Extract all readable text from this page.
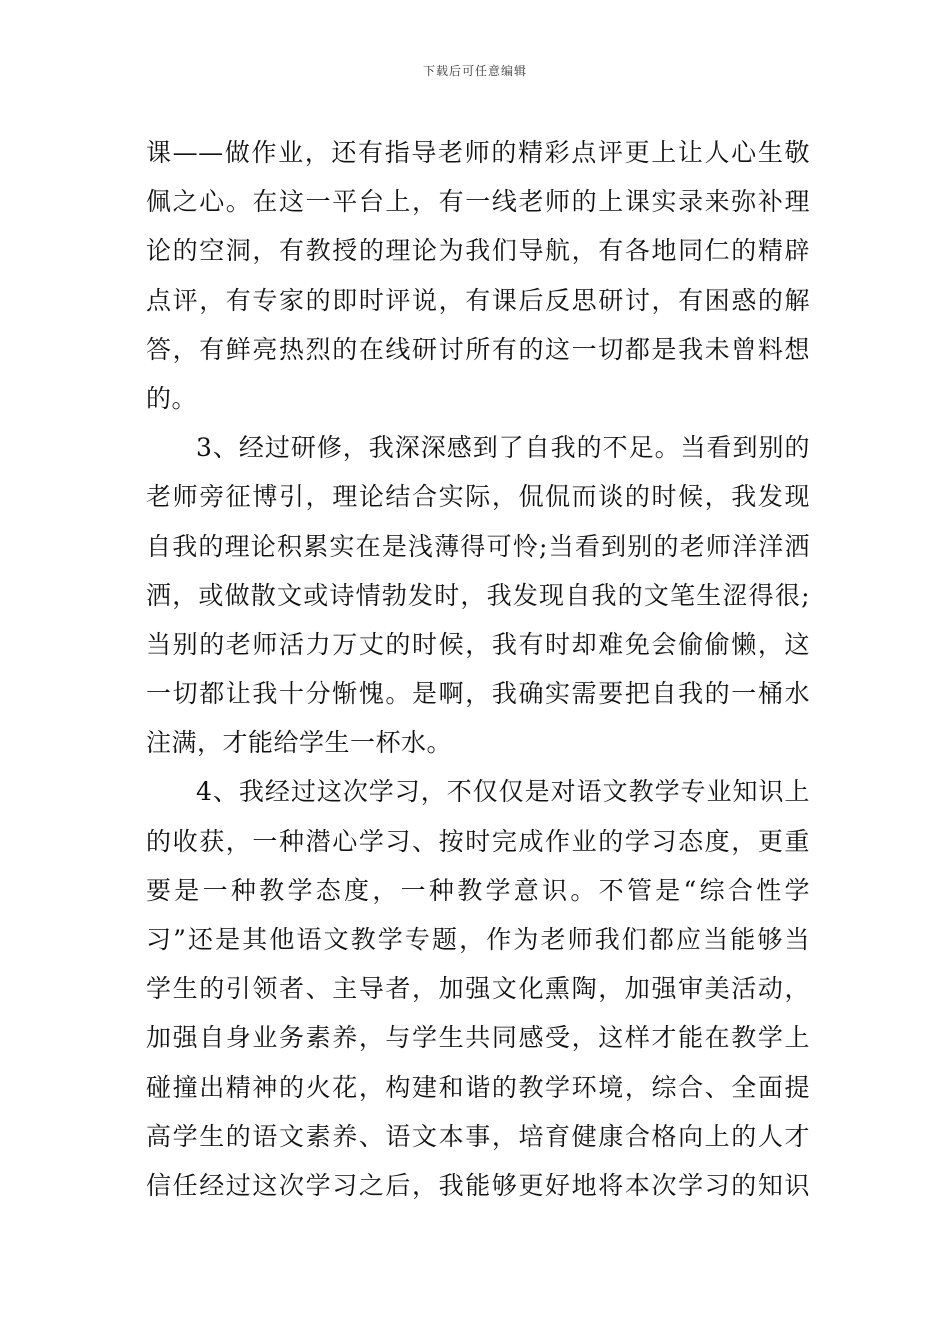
下载后可任意编辑
课——做作业，还有指导老师的精彩点评更上让人心生敬
佩之心。在这一平台上，有一线老师的上课实录来弥补理
论的空洞，有教授的理论为我们导航，有各地同仁的精辟
点评，有专家的即时评说，有课后反思研讨，有困惑的解
答，有鲜亮热烈的在线研讨所有的这一切都是我未曾料想
的。
3、经过研修，我深深感到了自我的不足。当看到别的
老师旁征博引，理论结合实际，侃侃而谈的时候，我发现
自我的理论积累实在是浅薄得可怜;当看到别的老师洋洋洒
洒，或做散文或诗情勃发时，我发现自我的文笔生涩得很;
当别的老师活力万丈的时候，我有时却难免会偷偷懒，这
一切都让我十分惭愧。是啊，我确实需要把自我的一桶水
注满，才能给学生一杯水。
4、我经过这次学习，不仅仅是对语文教学专业知识上
的收获，一种潜心学习、按时完成作业的学习态度，更重
要是一种教学态度，一种教学意识。不管是“综合性学
习”还是其他语文教学专题，作为老师我们都应当能够当
学生的引领者、主导者，加强文化熏陶，加强审美活动，
加强自身业务素养，与学生共同感受，这样才能在教学上
碰撞出精神的火花，构建和谐的教学环境，综合、全面提
高学生的语文素养、语文本事，培育健康合格向上的人才
信任经过这次学习之后，我能够更好地将本次学习的知识
